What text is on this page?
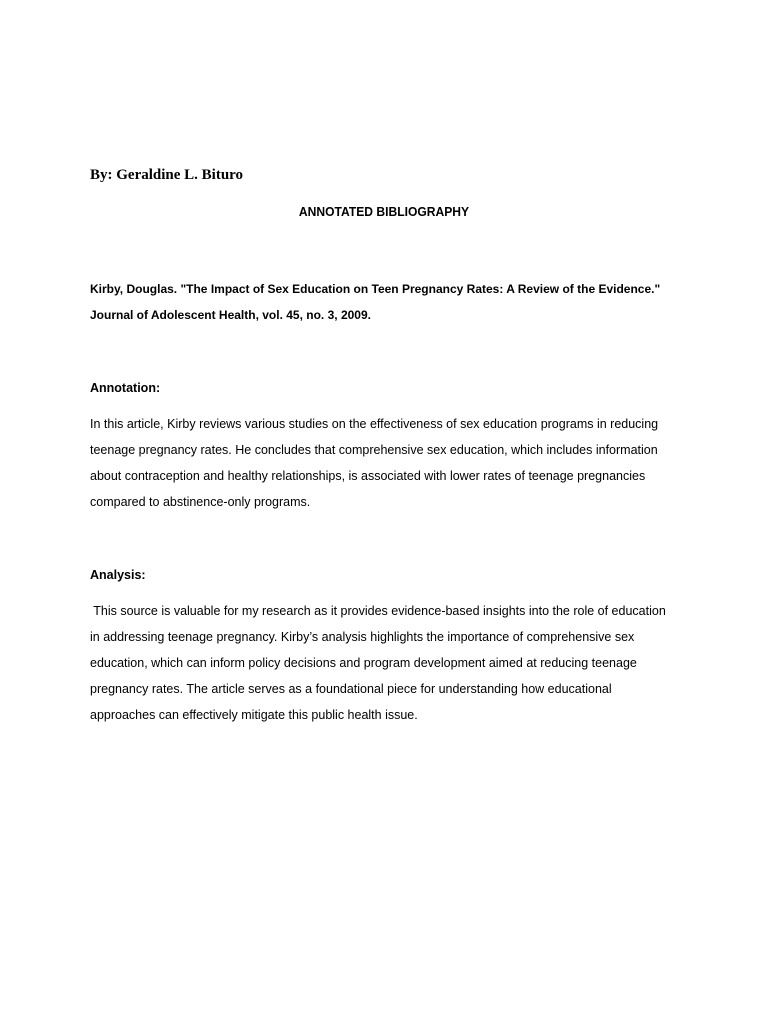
By: Geraldine L. Bituro
ANNOTATED BIBLIOGRAPHY
Kirby, Douglas. "The Impact of Sex Education on Teen Pregnancy Rates: A Review of the Evidence."
Journal of Adolescent Health, vol. 45, no. 3, 2009.
Annotation:
In this article, Kirby reviews various studies on the effectiveness of sex education programs in reducing
teenage pregnancy rates. He concludes that comprehensive sex education, which includes information
about contraception and healthy relationships, is associated with lower rates of teenage pregnancies
compared to abstinence-only programs.
Analysis:
This source is valuable for my research as it provides evidence-based insights into the role of education
in addressing teenage pregnancy. Kirby’s analysis highlights the importance of comprehensive sex
education, which can inform policy decisions and program development aimed at reducing teenage
pregnancy rates. The article serves as a foundational piece for understanding how educational
approaches can effectively mitigate this public health issue.
